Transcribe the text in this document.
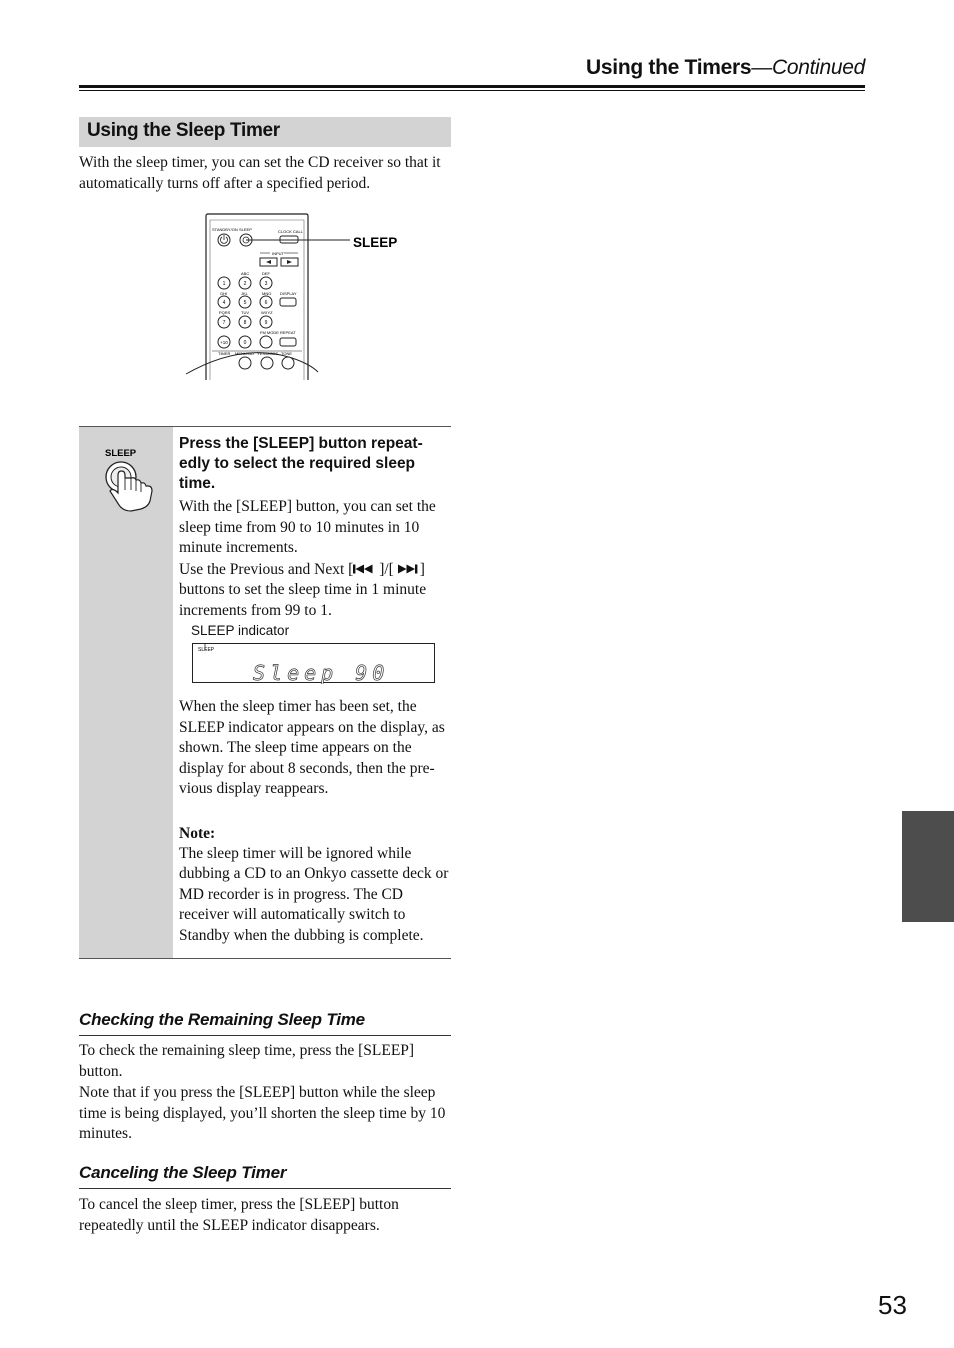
Using the Timers—Continued
Using the Sleep Timer

With the sleep timer, you can set the CD receiver so that it automatically turns off after a specified period.

STANDBY/ON SLEEP	CLOCK CALL
SLEEP
INPUT
ABC	DEF
1	2	3
GHI	JKL	MNO DISPLAY
4	5	6
PQRS	TUV	WXYZ
7	8	9
FM MODE REPEAT
+10	0
TIMER MENU/NO YES/MODE TONE
SLEEP
Press the [SLEEP] button repeat-edly to select the required sleep time.

With the [SLEEP] button, you can set the sleep time from 90 to 10 minutes in 10 minute increments.

Use the Previous and Next [ ]/[ ] buttons to set the sleep time in 1 minute increments from 99 to 1.

SLEEP indicator
SLEEP
Sleep 90

When the sleep timer has been set, the SLEEP indicator appears on the display, as shown. The sleep time appears on the display for about 8 seconds, then the pre-vious display reappears.

Note:

The sleep timer will be ignored while dubbing a CD to an Onkyo cassette deck or MD recorder is in progress. The CD receiver will automatically switch to Standby when the dubbing is complete.

Checking the Remaining Sleep Time

To check the remaining sleep time, press the [SLEEP] button.

Note that if you press the [SLEEP] button while the sleep time is being displayed, you’ll shorten the sleep time by 10 minutes.

Canceling the Sleep Timer

To cancel the sleep timer, press the [SLEEP] button repeatedly until the SLEEP indicator disappears.

53
